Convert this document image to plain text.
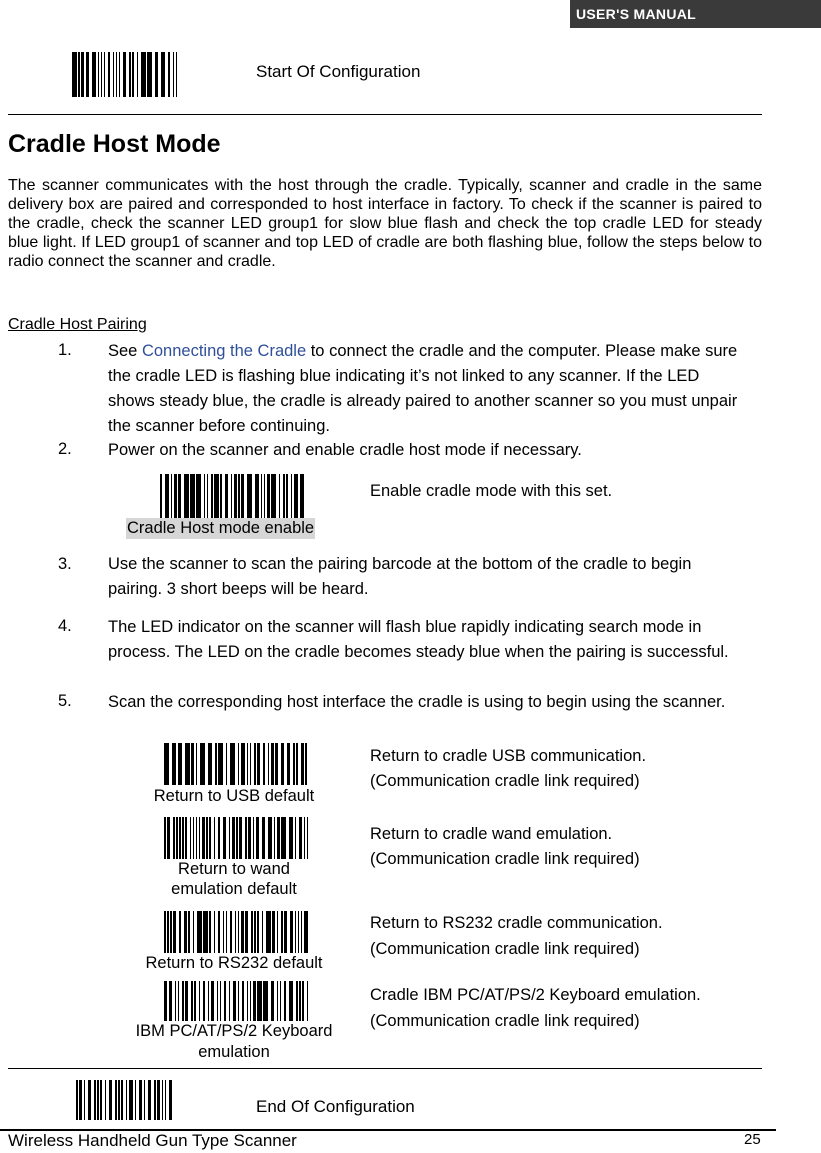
USER'S MANUAL
Start Of Configuration
Cradle Host Mode
The scanner communicates with the host through the cradle. Typically, scanner and cradle in the same delivery box are paired and corresponded to host interface in factory. To check if the scanner is paired to the cradle, check the scanner LED group1 for slow blue flash and check the top cradle LED for steady blue light. If LED group1 of scanner and top LED of cradle are both flashing blue, follow the steps below to radio connect the scanner and cradle.
Cradle Host Pairing
1. See Connecting the Cradle to connect the cradle and the computer. Please make sure the cradle LED is flashing blue indicating it’s not linked to any scanner. If the LED shows steady blue, the cradle is already paired to another scanner so you must unpair the scanner before continuing.
2. Power on the scanner and enable cradle host mode if necessary.
Cradle Host mode enable
Enable cradle mode with this set.
3. Use the scanner to scan the pairing barcode at the bottom of the cradle to begin pairing. 3 short beeps will be heard.
4. The LED indicator on the scanner will flash blue rapidly indicating search mode in process. The LED on the cradle becomes steady blue when the pairing is successful.
5. Scan the corresponding host interface the cradle is using to begin using the scanner.
Return to USB default
Return to cradle USB communication.
(Communication cradle link required)
Return to wand
emulation default
Return to cradle wand emulation.
(Communication cradle link required)
Return to RS232 default
Return to RS232 cradle communication.
(Communication cradle link required)
IBM PC/AT/PS/2 Keyboard
emulation
Cradle IBM PC/AT/PS/2 Keyboard emulation.
(Communication cradle link required)
End Of Configuration
Wireless Handheld Gun Type Scanner	25
